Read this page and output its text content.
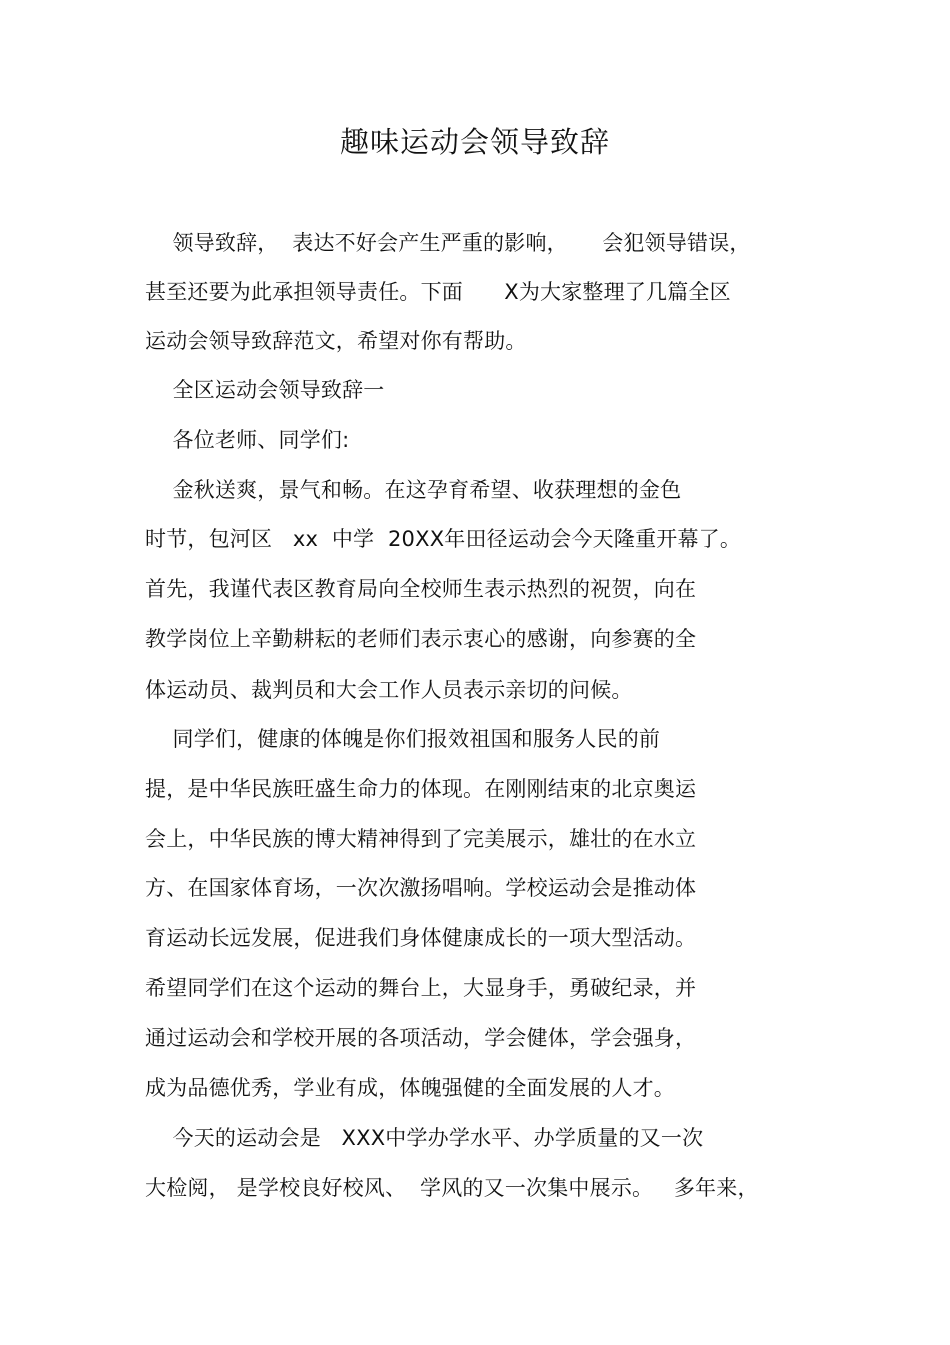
趣味运动会领导致辞
领导致辞，  表达不好会产生严重的影响，     会犯领导错误，
甚至还要为此承担领导责任。下面      X为大家整理了几篇全区
运动会领导致辞范文，希望对你有帮助。
全区运动会领导致辞一
各位老师、同学们:
金秋送爽，景气和畅。在这孕育希望、收获理想的金色
时节，包河区   xx  中学  20XX年田径运动会今天隆重开幕了。
首先，我谨代表区教育局向全校师生表示热烈的祝贺，向在
教学岗位上辛勤耕耘的老师们表示衷心的感谢，向参赛的全
体运动员、裁判员和大会工作人员表示亲切的问候。
同学们，健康的体魄是你们报效祖国和服务人民的前
提，是中华民族旺盛生命力的体现。在刚刚结束的北京奥运
会上，中华民族的博大精神得到了完美展示，雄壮的在水立
方、在国家体育场，一次次激扬唱响。学校运动会是推动体
育运动长远发展，促进我们身体健康成长的一项大型活动。
希望同学们在这个运动的舞台上，大显身手，勇破纪录，并
通过运动会和学校开展的各项活动，学会健体，学会强身，
成为品德优秀，学业有成，体魄强健的全面发展的人才。
今天的运动会是   XXX中学办学水平、办学质量的又一次
大检阅， 是学校良好校风、  学风的又一次集中展示。   多年来，
